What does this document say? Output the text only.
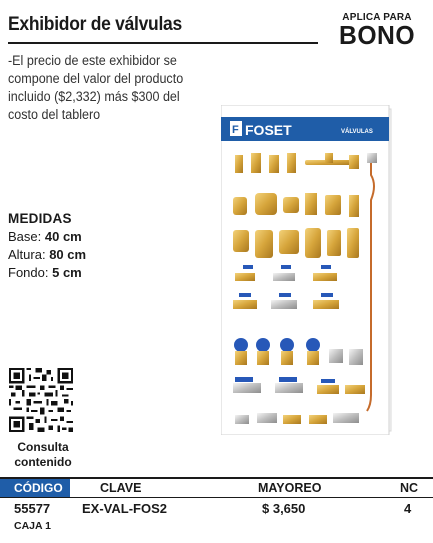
Exhibidor de válvulas	APLICA PARA
BONO
-El precio de este exhibidor se compone del valor del producto incluido ($2,332) más $300 del costo del tablero
MEDIDAS
Base: 40 cm
Altura: 80 cm
Fondo: 5 cm
Consulta
contenido
F FOSET	VÁLVULAS
CÓDIGO	CLAVE	MAYOREO	NC
55577 EX-VAL-FOS2	$ 3,650	4
CAJA 1
